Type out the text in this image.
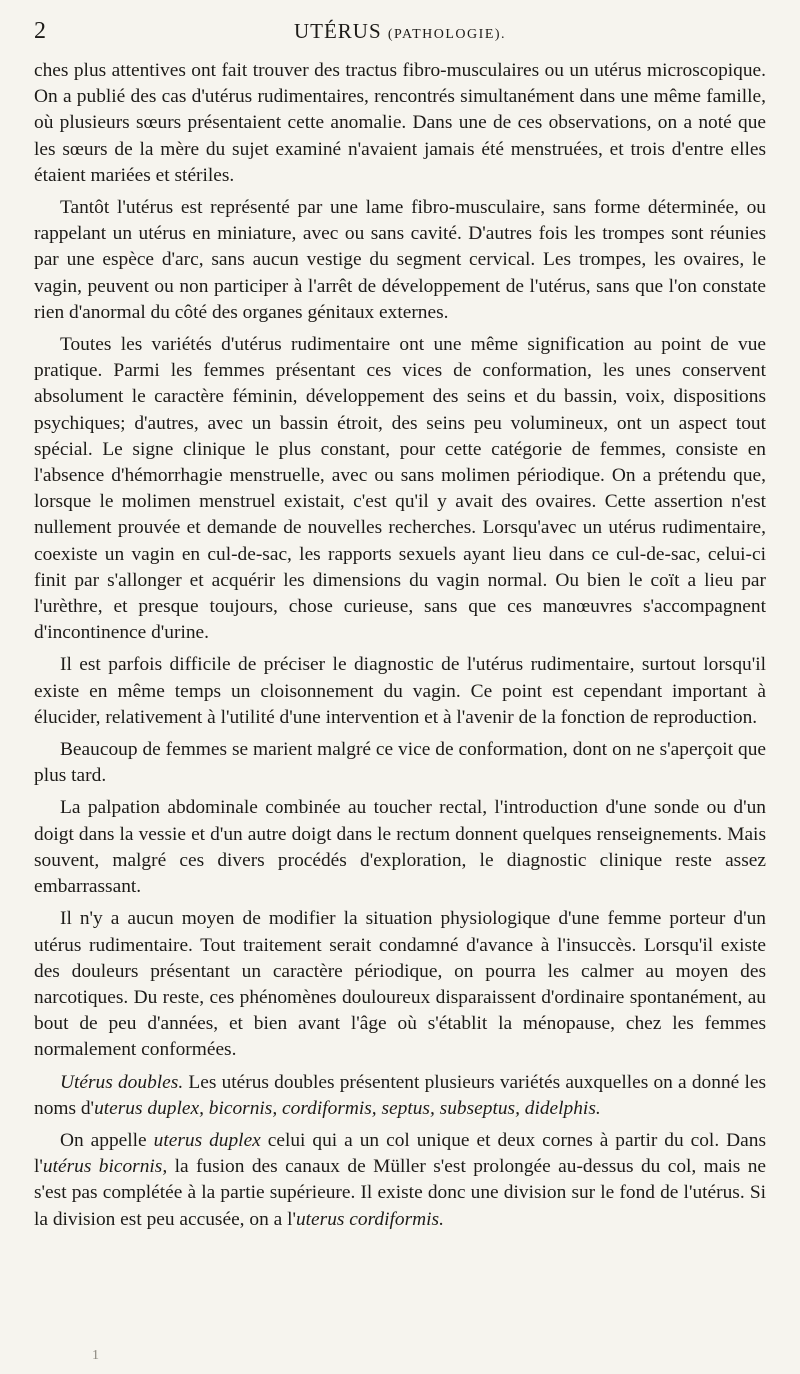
2	UTÉRUS (PATHOLOGIE).

ches plus attentives ont fait trouver des tractus fibro-musculaires ou un utérus microscopique. On a publié des cas d'utérus rudimentaires, rencontrés simultanément dans une même famille, où plusieurs sœurs présentaient cette anomalie. Dans une de ces observations, on a noté que les sœurs de la mère du sujet examiné n'avaient jamais été menstruées, et trois d'entre elles étaient mariées et stériles.

Tantôt l'utérus est représenté par une lame fibro-musculaire, sans forme déterminée, ou rappelant un utérus en miniature, avec ou sans cavité. D'autres fois les trompes sont réunies par une espèce d'arc, sans aucun vestige du segment cervical. Les trompes, les ovaires, le vagin, peuvent ou non participer à l'arrêt de développement de l'utérus, sans que l'on constate rien d'anormal du côté des organes génitaux externes.

Toutes les variétés d'utérus rudimentaire ont une même signification au point de vue pratique. Parmi les femmes présentant ces vices de conformation, les unes conservent absolument le caractère féminin, développement des seins et du bassin, voix, dispositions psychiques; d'autres, avec un bassin étroit, des seins peu volumineux, ont un aspect tout spécial. Le signe clinique le plus constant, pour cette catégorie de femmes, consiste en l'absence d'hémorrhagie menstruelle, avec ou sans molimen périodique. On a prétendu que, lorsque le molimen menstruel existait, c'est qu'il y avait des ovaires. Cette assertion n'est nullement prouvée et demande de nouvelles recherches. Lorsqu'avec un utérus rudimentaire, coexiste un vagin en cul-de-sac, les rapports sexuels ayant lieu dans ce cul-de-sac, celui-ci finit par s'allonger et acquérir les dimensions du vagin normal. Ou bien le coït a lieu par l'urèthre, et presque toujours, chose curieuse, sans que ces manœuvres s'accompagnent d'incontinence d'urine.

Il est parfois difficile de préciser le diagnostic de l'utérus rudimentaire, surtout lorsqu'il existe en même temps un cloisonnement du vagin. Ce point est cependant important à élucider, relativement à l'utilité d'une intervention et à l'avenir de la fonction de reproduction.

Beaucoup de femmes se marient malgré ce vice de conformation, dont on ne s'aperçoit que plus tard.

La palpation abdominale combinée au toucher rectal, l'introduction d'une sonde ou d'un doigt dans la vessie et d'un autre doigt dans le rectum donnent quelques renseignements. Mais souvent, malgré ces divers procédés d'exploration, le diagnostic clinique reste assez embarrassant.

Il n'y a aucun moyen de modifier la situation physiologique d'une femme porteur d'un utérus rudimentaire. Tout traitement serait condamné d'avance à l'insuccès. Lorsqu'il existe des douleurs présentant un caractère périodique, on pourra les calmer au moyen des narcotiques. Du reste, ces phénomènes douloureux disparaissent d'ordinaire spontanément, au bout de peu d'années, et bien avant l'âge où s'établit la ménopause, chez les femmes normalement conformées.

Utérus doubles. Les utérus doubles présentent plusieurs variétés auxquelles on a donné les noms d'uterus duplex, bicornis, cordiformis, septus, subseptus, didelphis.

On appelle uterus duplex celui qui a un col unique et deux cornes à partir du col. Dans l'utérus bicornis, la fusion des canaux de Müller s'est prolongée au-dessus du col, mais ne s'est pas complétée à la partie supérieure. Il existe donc une division sur le fond de l'utérus. Si la division est peu accusée, on a l'uterus cordiformis.

1
